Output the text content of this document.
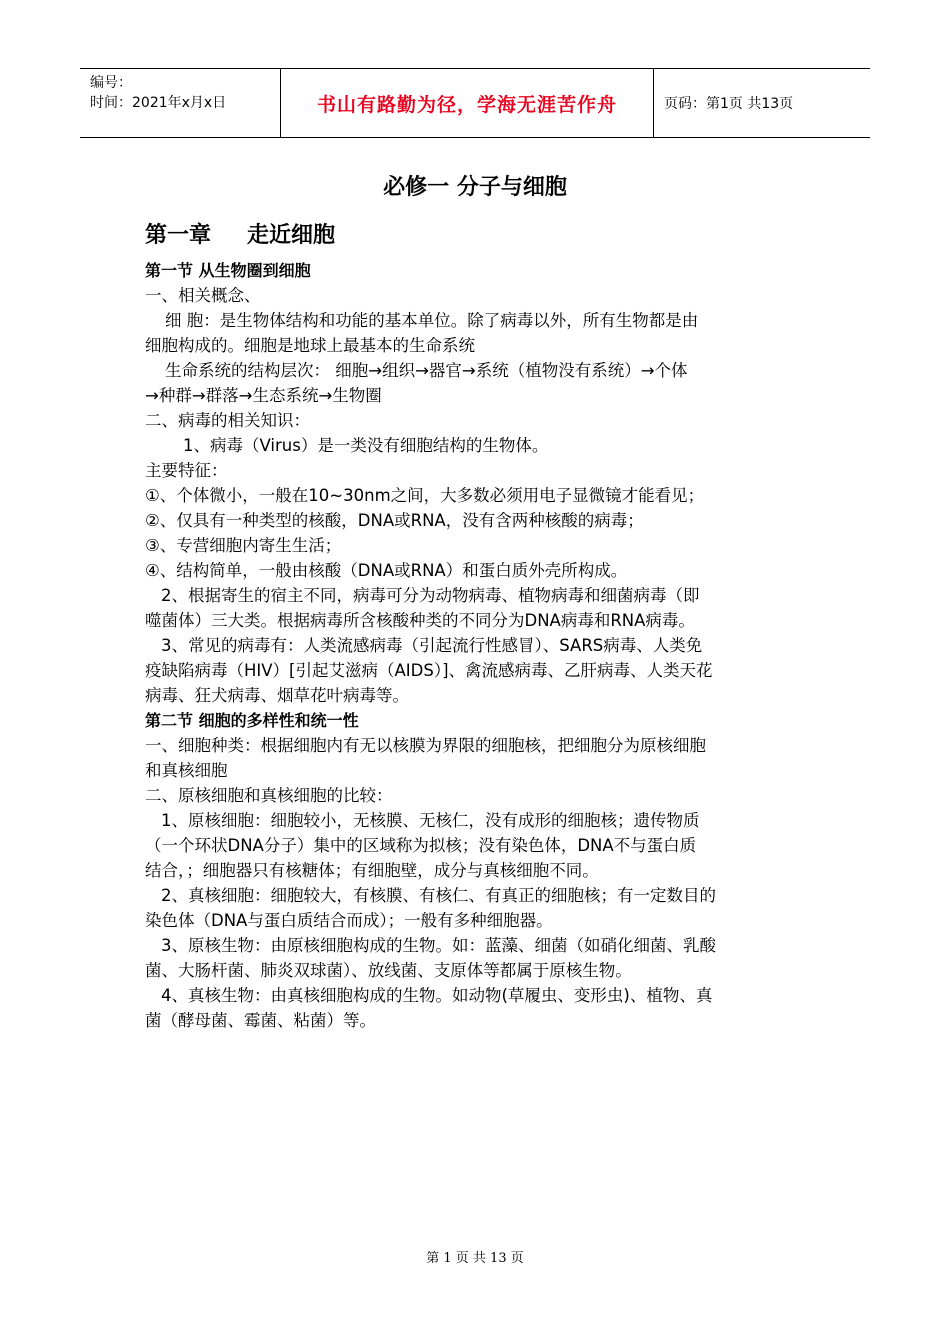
编号：
时间：2021年x月x日	书山有路勤为径，学海无涯苦作舟	页码：第1页 共13页
必修一 分子与细胞
第一章 走近细胞

第一节 从生物圈到细胞

一、相关概念、

细 胞：是生物体结构和功能的基本单位。除了病毒以外，所有生物都是由

细胞构成的。细胞是地球上最基本的生命系统

生命系统的结构层次： 细胞→组织→器官→系统（植物没有系统）→个体

→种群→群落→生态系统→生物圈

二、病毒的相关知识：

1、病毒（Virus）是一类没有细胞结构的生物体。

主要特征：

①、个体微小，一般在10~30nm之间，大多数必须用电子显微镜才能看见；

②、仅具有一种类型的核酸，DNA或RNA，没有含两种核酸的病毒；

③、专营细胞内寄生生活；

④、结构简单，一般由核酸（DNA或RNA）和蛋白质外壳所构成。

2、根据寄生的宿主不同，病毒可分为动物病毒、植物病毒和细菌病毒（即

噬菌体）三大类。根据病毒所含核酸种类的不同分为DNA病毒和RNA病毒。

3、常见的病毒有：人类流感病毒（引起流行性感冒）、SARS病毒、人类免

疫缺陷病毒（HIV）[引起艾滋病（AIDS）]、禽流感病毒、乙肝病毒、人类天花

病毒、狂犬病毒、烟草花叶病毒等。

第二节 细胞的多样性和统一性

一、细胞种类：根据细胞内有无以核膜为界限的细胞核，把细胞分为原核细胞

和真核细胞

二、原核细胞和真核细胞的比较：

1、原核细胞：细胞较小，无核膜、无核仁，没有成形的细胞核；遗传物质

（一个环状DNA分子）集中的区域称为拟核；没有染色体，DNA不与蛋白质

结合，；细胞器只有核糖体；有细胞壁，成分与真核细胞不同。

2、真核细胞：细胞较大，有核膜、有核仁、有真正的细胞核；有一定数目的

染色体（DNA与蛋白质结合而成）；一般有多种细胞器。

3、原核生物：由原核细胞构成的生物。如：蓝藻、细菌（如硝化细菌、乳酸

菌、大肠杆菌、肺炎双球菌）、放线菌、支原体等都属于原核生物。

4、真核生物：由真核细胞构成的生物。如动物(草履虫、变形虫)、植物、真

菌（酵母菌、霉菌、粘菌）等。

第 1 页 共 13 页
